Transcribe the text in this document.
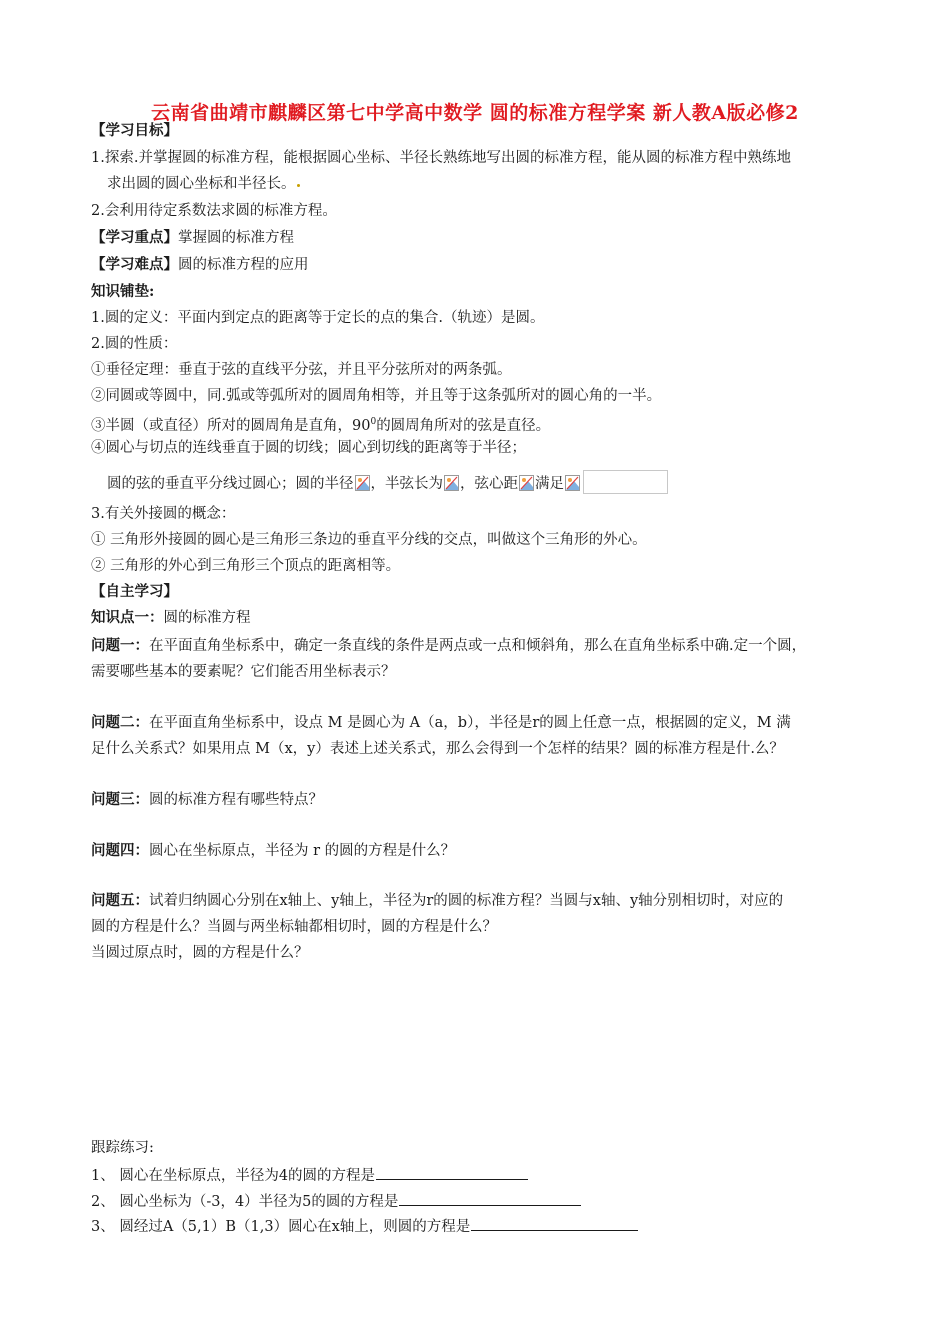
云南省曲靖市麒麟区第七中学高中数学 圆的标准方程学案 新人教A版必修2
【学习目标】
1.探索.并掌握圆的标准方程，能根据圆心坐标、半径长熟练地写出圆的标准方程，能从圆的标准方程中熟练地
求出圆的圆心坐标和半径长。
2.会利用待定系数法求圆的标准方程。
【学习重点】掌握圆的标准方程
【学习难点】圆的标准方程的应用
知识铺垫:
1.圆的定义：平面内到定点的距离等于定长的点的集合.（轨迹）是圆。
2.圆的性质：
①垂径定理：垂直于弦的直线平分弦，并且平分弦所对的两条弧。
②同圆或等圆中，同.弧或等弧所对的圆周角相等，并且等于这条弧所对的圆心角的一半。
③半圆（或直径）所对的圆周角是直角，$90^0$的圆周角所对的弦是直径。
④圆心与切点的连线垂直于圆的切线；圆心到切线的距离等于半径；
圆的弦的垂直平分线过圆心；圆的半径 ，半弦长为 ，弦心距 满足
3.有关外接圆的概念：
① 三角形外接圆的圆心是三角形三条边的垂直平分线的交点，叫做这个三角形的外心。
② 三角形的外心到三角形三个顶点的距离相等。
【自主学习】
知识点一：圆的标准方程
问题一：在平面直角坐标系中，确定一条直线的条件是两点或一点和倾斜角，那么在直角坐标系中确.定一个圆，
需要哪些基本的要素呢？它们能否用坐标表示？
问题二：在平面直角坐标系中，设点 M 是圆心为 A（a，b），半径是r的圆上任意一点，根据圆的定义，M 满
足什么关系式？如果用点 M（x，y）表述上述关系式，那么会得到一个怎样的结果？圆的标准方程是什.么？
问题三：圆的标准方程有哪些特点？
问题四：圆心在坐标原点，半径为 r 的圆的方程是什么？
问题五：试着归纳圆心分别在x轴上、y轴上，半径为r的圆的标准方程？当圆与x轴、y轴分别相切时，对应的
圆的方程是什么？当圆与两坐标轴都相切时，圆的方程是什么？
当圆过原点时，圆的方程是什么？
跟踪练习:
1、 圆心在坐标原点，半径为4的圆的方程是
2、 圆心坐标为（-3，4）半径为5的圆的方程是
3、 圆经过A（5,1）B（1,3）圆心在x轴上，则圆的方程是
